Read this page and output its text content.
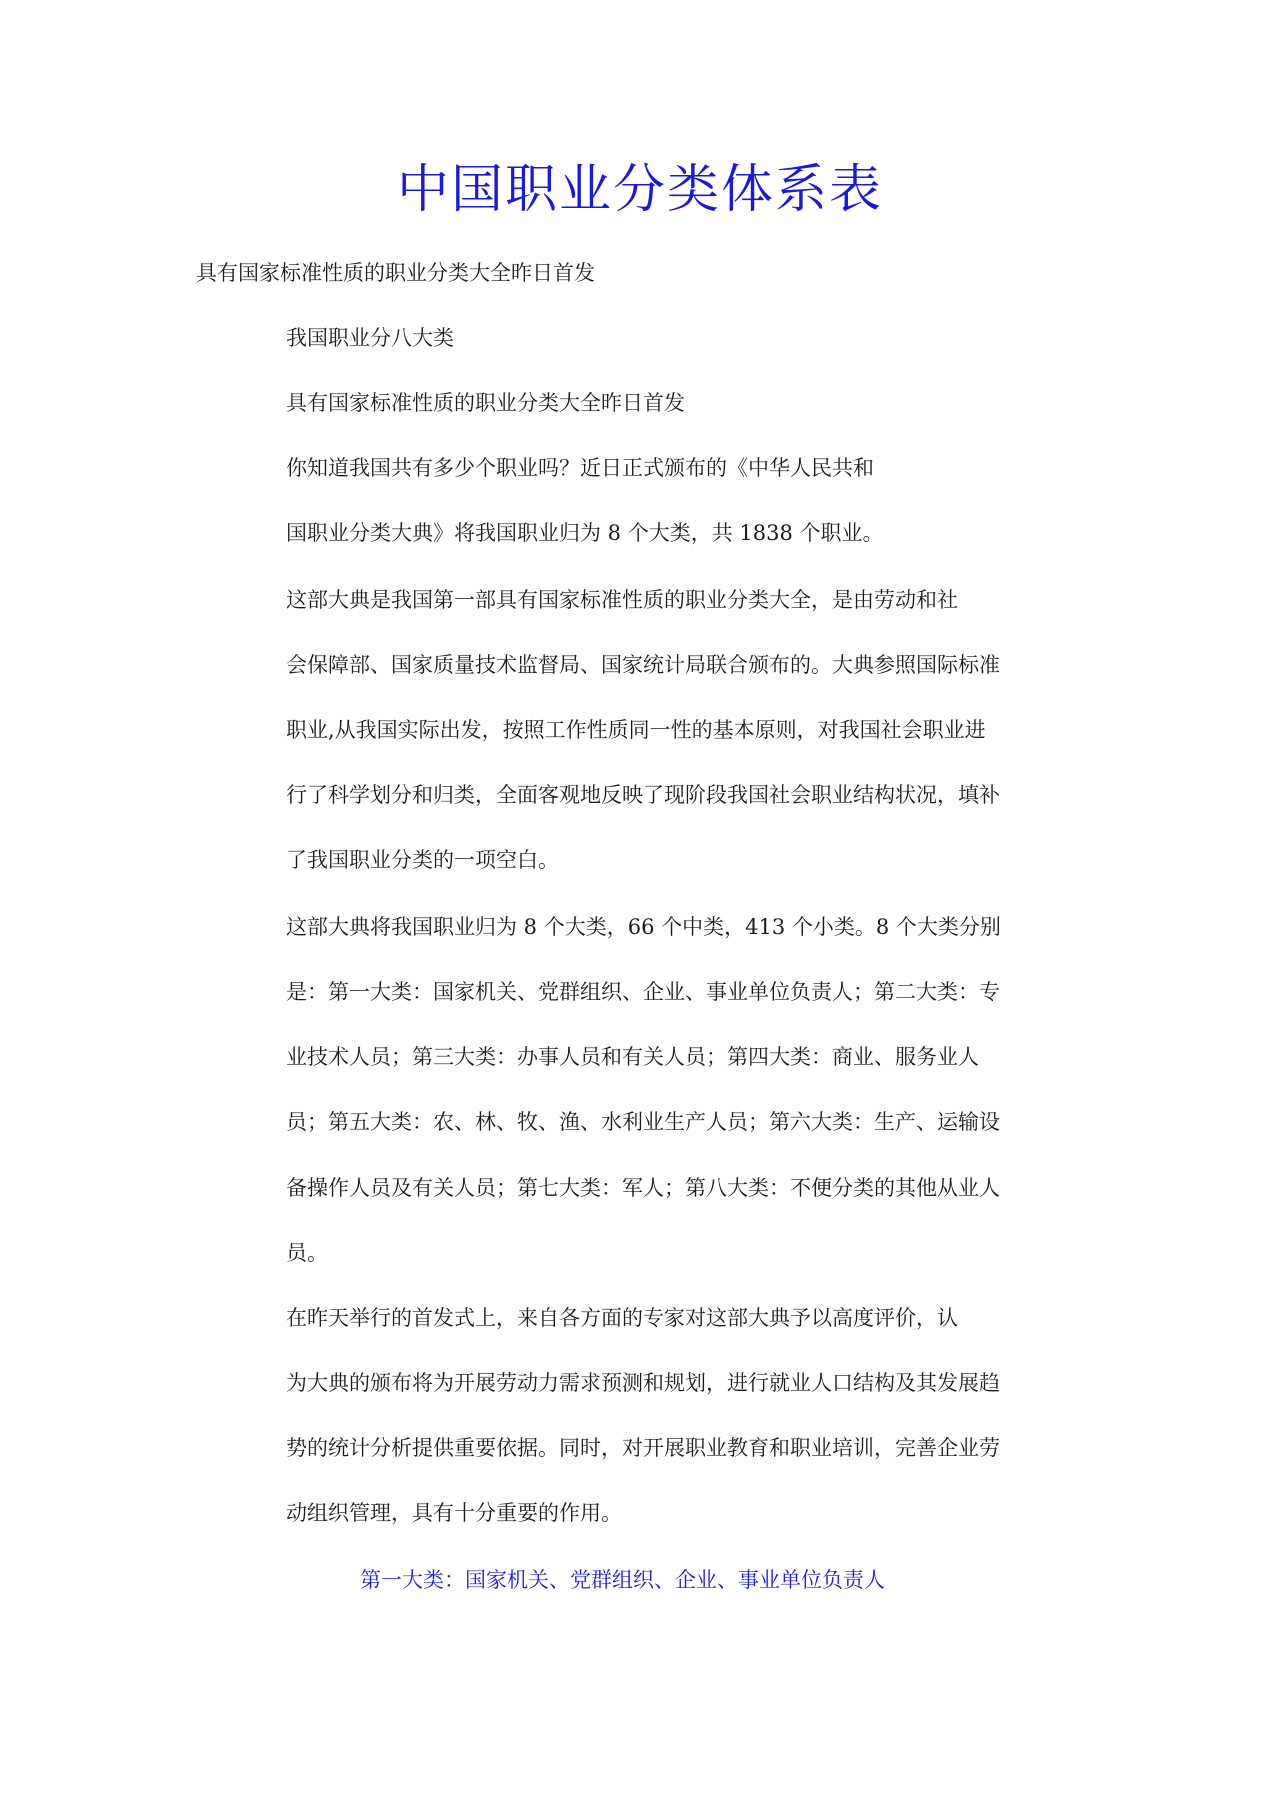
中国职业分类体系表
具有国家标准性质的职业分类大全昨日首发
我国职业分八大类
具有国家标准性质的职业分类大全昨日首发
你知道我国共有多少个职业吗？近日正式颁布的《中华人民共和
国职业分类大典》将我国职业归为 8 个大类，共 1838 个职业。
这部大典是我国第一部具有国家标准性质的职业分类大全，是由劳动和社
会保障部、国家质量技术监督局、国家统计局联合颁布的。大典参照国际标准
职业,从我国实际出发，按照工作性质同一性的基本原则，对我国社会职业进
行了科学划分和归类，全面客观地反映了现阶段我国社会职业结构状况，填补
了我国职业分类的一项空白。
这部大典将我国职业归为 8 个大类，66 个中类，413 个小类。8 个大类分别
是：第一大类：国家机关、党群组织、企业、事业单位负责人；第二大类：专
业技术人员；第三大类：办事人员和有关人员；第四大类：商业、服务业人
员；第五大类：农、林、牧、渔、水利业生产人员；第六大类：生产、运输设
备操作人员及有关人员；第七大类：军人；第八大类：不便分类的其他从业人
员。
在昨天举行的首发式上，来自各方面的专家对这部大典予以高度评价，认
为大典的颁布将为开展劳动力需求预测和规划，进行就业人口结构及其发展趋
势的统计分析提供重要依据。同时，对开展职业教育和职业培训，完善企业劳
动组织管理，具有十分重要的作用。
第一大类：国家机关、党群组织、企业、事业单位负责人
